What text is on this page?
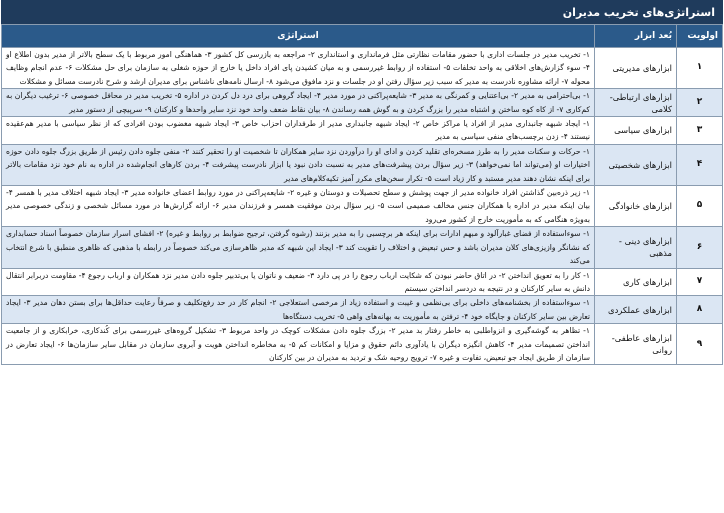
استراتژی‌های تخریب مدیران
اولویت	بُعد ابزار	استراتژی
۱	ابزارهای مدیریتی	۱- تخریب مدیر در جلسات اداری با حضور مقامات نظارتی مثل فرمانداری و استانداری ۲- مراجعه به بازرسی کل کشور ۳- هماهنگی امور مربوط با یک سطح بالاتر از مدیر بدون اطلاع او ۴- سوء گزارش‌های اخلاقی به واحد تخلفات ۵- استفاده از روابط غیررسمی و به میان کشیدن پای افراد داخل یا خارج از حوزه شغلی به سازمان برای حل مشکلات ۶- عدم انجام وظایف محوله ۷- ارائه مشاوره نادرست به مدیر که سبب زیر سؤال رفتن او در جلسات و نزد مافوق می‌شود ۸- ارسال نامه‌های ناشناس برای مدیران ارشد و شرح نادرست مسائل و مشکلات
۲	ابزارهای ارتباطی- کلامی	۱- بی‌احترامی به مدیر ۲- بی‌اعتنایی و کمرنگی به مدیر ۳- شایعه‌پراکنی در مورد مدیر ۴- ایجاد گروهی برای درد دل کردن در اداره ۵- تخریب مدیر در محافل خصوصی ۶- ترغیب دیگران به کم‌کاری ۷- از کاه کوه ساختن و اشتباه مدیر را بزرگ کردن و به گوش همه رساندن ۸- بیان نقاط ضعف واحد خود نزد سایر واحدها و کارکنان ۹- سرپیچی از دستور مدیر
۳	ابزارهای سیاسی	۱- ایجاد شبهه جانبداری مدیر از افراد یا مراکز خاص ۲- ایجاد شبهه جانبداری مدیر از طرفداران احزاب خاص ۳- ایجاد شبهه مغضوب بودن افرادی که از نظر سیاسی با مدیر هم‌عقیده نیستند ۴- زدن برچسب‌های منفی سیاسی به مدیر
۴	ابزارهای شخصیتی	۱- حرکات و سکنات مدیر را به طرز مسخره‌ای تقلید کردن و ادای او را درآوردن نزد سایر همکاران تا شخصیت او را تحقیر کنند ۲- منفی جلوه دادن رئیس از طریق بزرگ جلوه دادن حوزه اختیارات او (می‌تواند اما نمی‌خواهد) ۳- زیر سؤال بردن پیشرفت‌های مدیر به نسبت دادن نبود یا ابزار نادرست پیشرفت ۴- بردن کارهای انجام‌شده در اداره به نام خود نزد مقامات بالاتر برای اینکه نشان دهند مدیر مستبد و کار زیاد است ۵- تکرار سخن‌های مکرر آمیز تکیه‌کلام‌های مدیر
۵	ابزارهای خانوادگی	۱- زیر ذره‌بین گذاشتن افراد خانواده مدیر از جهت پوشش و سطح تحصیلات و دوستان و غیره ۲- شایعه‌پراکنی در مورد روابط اعضای خانواده مدیر ۳- ایجاد شبهه اختلاف مدیر با همسر ۴- بیان اینکه مدیر در اداره با همکاران جنس مخالف صمیمی است ۵- زیر سؤال بردن موفقیت همسر و فرزندان مدیر ۶- ارائه گزارش‌ها در مورد مسائل شخصی و زندگی خصوصی مدیر به‌ویژه هنگامی که به مأموریت خارج از کشور می‌رود
۶	ابزارهای دینی - مذهبی	۱- سوءاستفاده از فضای غبارآلود و مبهم ادارات برای اینکه هر برچسبی را به مدیر بزنند (رشوه گرفتن، ترجیح ضوابط بر روابط و غیره) ۲- افشای اسرار سازمان خصوصاً اسناد حسابداری که نشانگر وازیزی‌های کلان مدیران باشد و حس تبعیض و اختلاف را تقویت کند ۳- ایجاد این شبهه که مدیر ظاهرسازی می‌کند خصوصاً در رابطه با مذهبی که ظاهری منطبق با شرع انتخاب می‌کند
۷	ابزارهای کاری	۱- کار را به تعویق انداختن ۲- در اتاق حاضر نبودن که شکایت ارباب رجوع را در پی دارد ۳- ضعیف و ناتوان یا بی‌تدبیر جلوه دادن مدیر نزد همکاران و ارباب رجوع ۴- مقاومت دربرابر انتقال دانش به سایر کارکنان و در نتیجه به دردسر انداختن سیستم
۸	ابزارهای عملکردی	۱- سوءاستفاده از بخشنامه‌های داخلی برای بی‌نظمی و غیبت و استفاده زیاد از مرخصی استعلاجی ۲- انجام کار در حد رفع‌تکلیف و صرفاً رعایت حداقل‌ها برای بستن دهان مدیر ۳- ایجاد تعارض بین سایر کارکنان و جایگاه خود ۴- ترفتن به مأموریت به بهانه‌های واهی ۵- تخریب دستگاه‌ها
۹	ابزارهای عاطفی- روانی	۱- تظاهر به گوشه‌گیری و انزواطلبی به خاطر رفتار بد مدیر ۲- بزرگ جلوه دادن مشکلات کوچک در واحد مربوط ۳- تشکیل گروه‌های غیررسمی برای کُندکاری، خرابکاری و از جامعیت انداختن تصمیمات مدیر ۴- کاهش انگیزه دیگران با یادآوری دائم حقوق و مزایا و امکانات کم ۵- به مخاطره انداختن هویت و آبروی سازمان در مقابل سایر سازمان‌ها ۶- ایجاد تعارض در سازمان از طریق ایجاد جو تبعیض، تفاوت و غیره ۷- ترویج روحیه شک و تردید به مدیران در بین کارکنان
